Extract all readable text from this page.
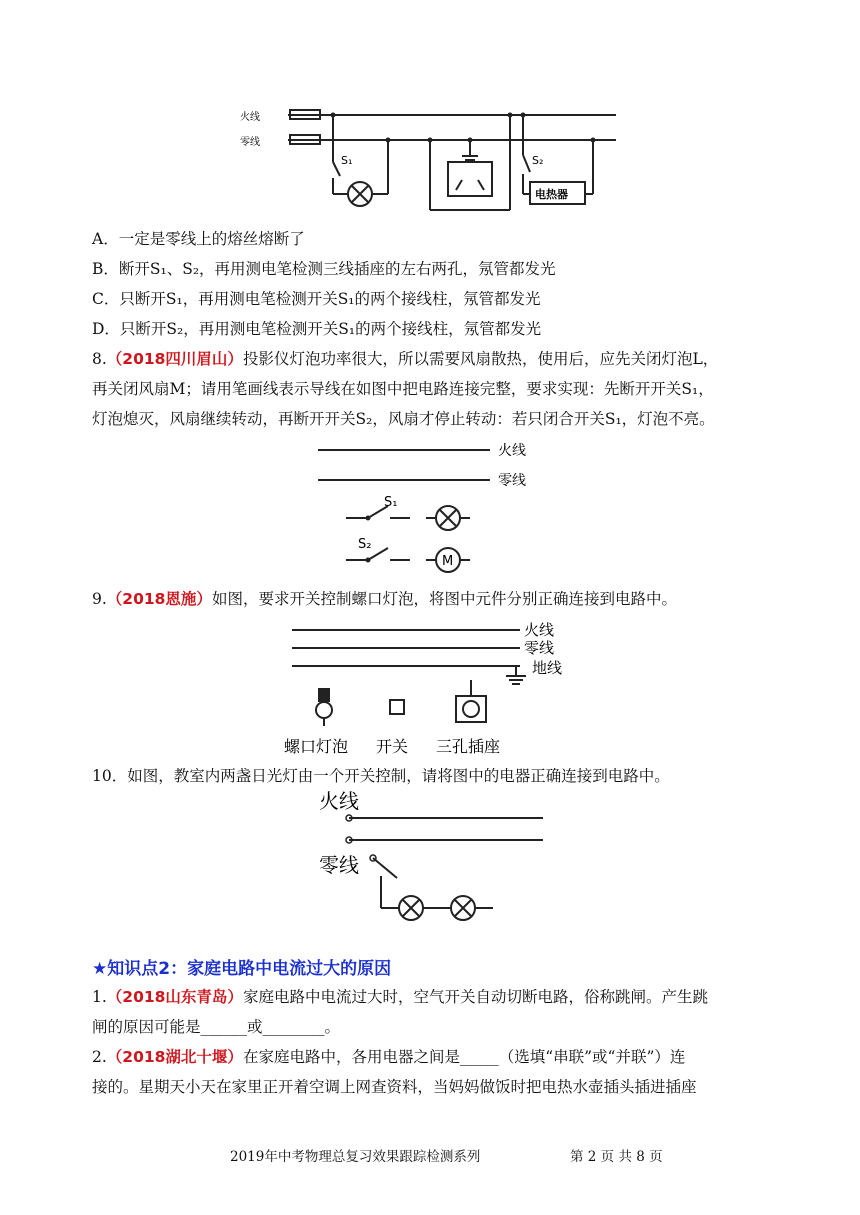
火线
零线
S₁	S₂
电热器
A．一定是零线上的熔丝熔断了
B．断开S₁、S₂，再用测电笔检测三线插座的左右两孔，氖管都发光
C．只断开S₁，再用测电笔检测开关S₁的两个接线柱，氖管都发光
D．只断开S₂，再用测电笔检测开关S₁的两个接线柱，氖管都发光
8.（2018四川眉山）投影仪灯泡功率很大，所以需要风扇散热，使用后，应先关闭灯泡L，
再关闭风扇M；请用笔画线表示导线在如图中把电路连接完整，要求实现：先断开开关S₁，
灯泡熄灭，风扇继续转动，再断开开关S₂，风扇才停止转动：若只闭合开关S₁，灯泡不亮。
火线
零线
S₁
S₂
M
9.（2018恩施）如图，要求开关控制螺口灯泡，将图中元件分别正确连接到电路中。
火线
零线
地线
螺口灯泡 开关 三孔插座
10．如图，教室内两盏日光灯由一个开关控制，请将图中的电器正确连接到电路中。
火线
零线
★知识点2：家庭电路中电流过大的原因
1.（2018山东青岛）家庭电路中电流过大时，空气开关自动切断电路，俗称跳闸。产生跳
闸的原因可能是______或________。
2.（2018湖北十堰）在家庭电路中，各用电器之间是_____（选填“串联”或“并联”）连
接的。星期天小天在家里正开着空调上网查资料，当妈妈做饭时把电热水壶插头插进插座
2019年中考物理总复习效果跟踪检测系列	第 2 页 共 8 页
